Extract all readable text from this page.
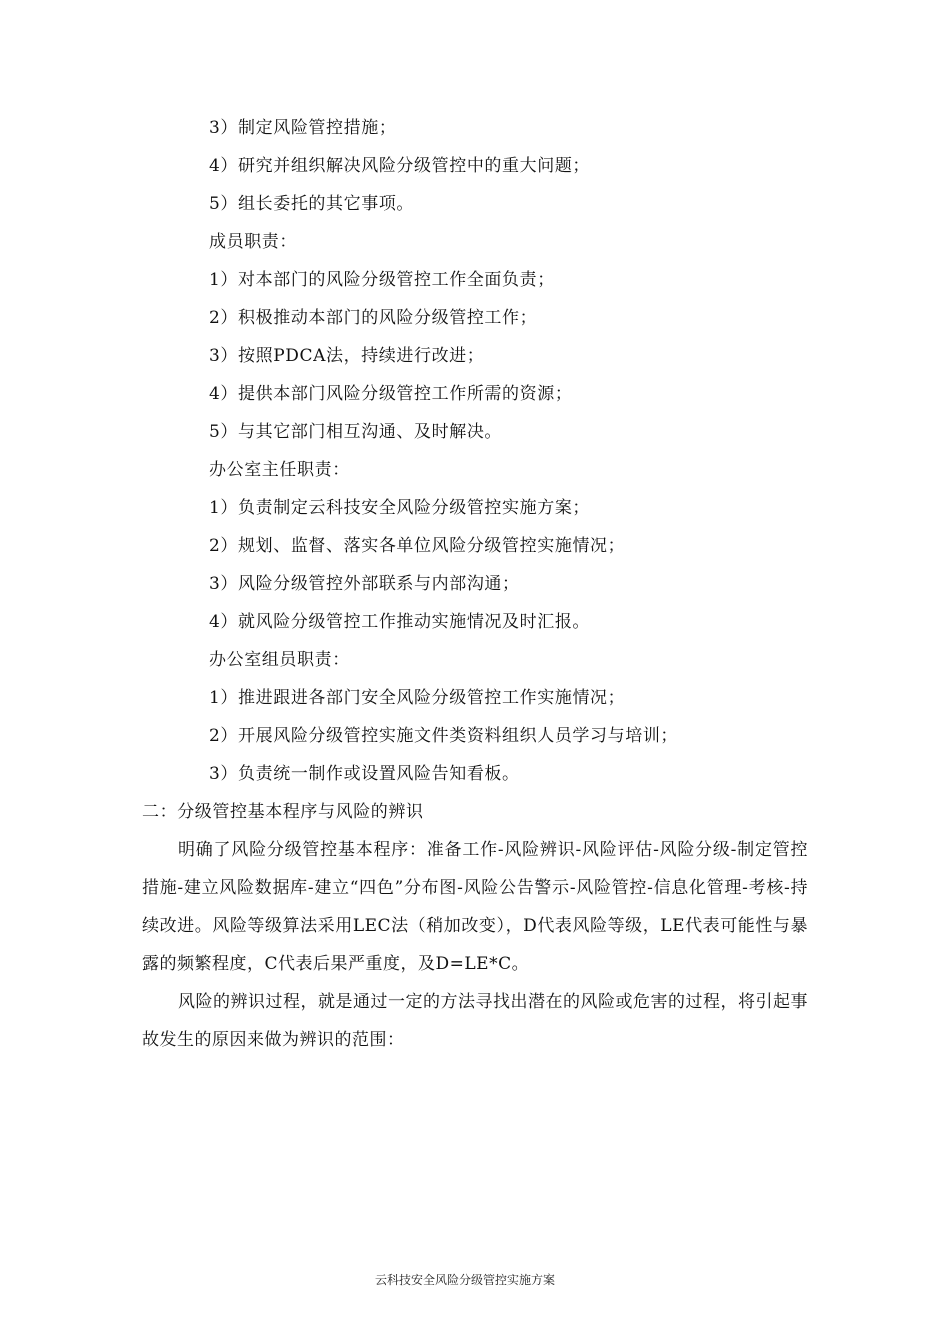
3）制定风险管控措施；
4）研究并组织解决风险分级管控中的重大问题；
5）组长委托的其它事项。
成员职责：
1）对本部门的风险分级管控工作全面负责；
2）积极推动本部门的风险分级管控工作；
3）按照PDCA法，持续进行改进；
4）提供本部门风险分级管控工作所需的资源；
5）与其它部门相互沟通、及时解决。
办公室主任职责：
1）负责制定云科技安全风险分级管控实施方案；
2）规划、监督、落实各单位风险分级管控实施情况；
3）风险分级管控外部联系与内部沟通；
4）就风险分级管控工作推动实施情况及时汇报。
办公室组员职责：
1）推进跟进各部门安全风险分级管控工作实施情况；
2）开展风险分级管控实施文件类资料组织人员学习与培训；
3）负责统一制作或设置风险告知看板。
二：分级管控基本程序与风险的辨识
明确了风险分级管控基本程序：准备工作-风险辨识-风险评估-风险分级-制定管控措施-建立风险数据库-建立“四色”分布图-风险公告警示-风险管控-信息化管理-考核-持续改进。风险等级算法采用LEC法（稍加改变），D代表风险等级，LE代表可能性与暴露的频繁程度，C代表后果严重度，及D=LE*C。
风险的辨识过程，就是通过一定的方法寻找出潜在的风险或危害的过程，将引起事故发生的原因来做为辨识的范围：
云科技安全风险分级管控实施方案
